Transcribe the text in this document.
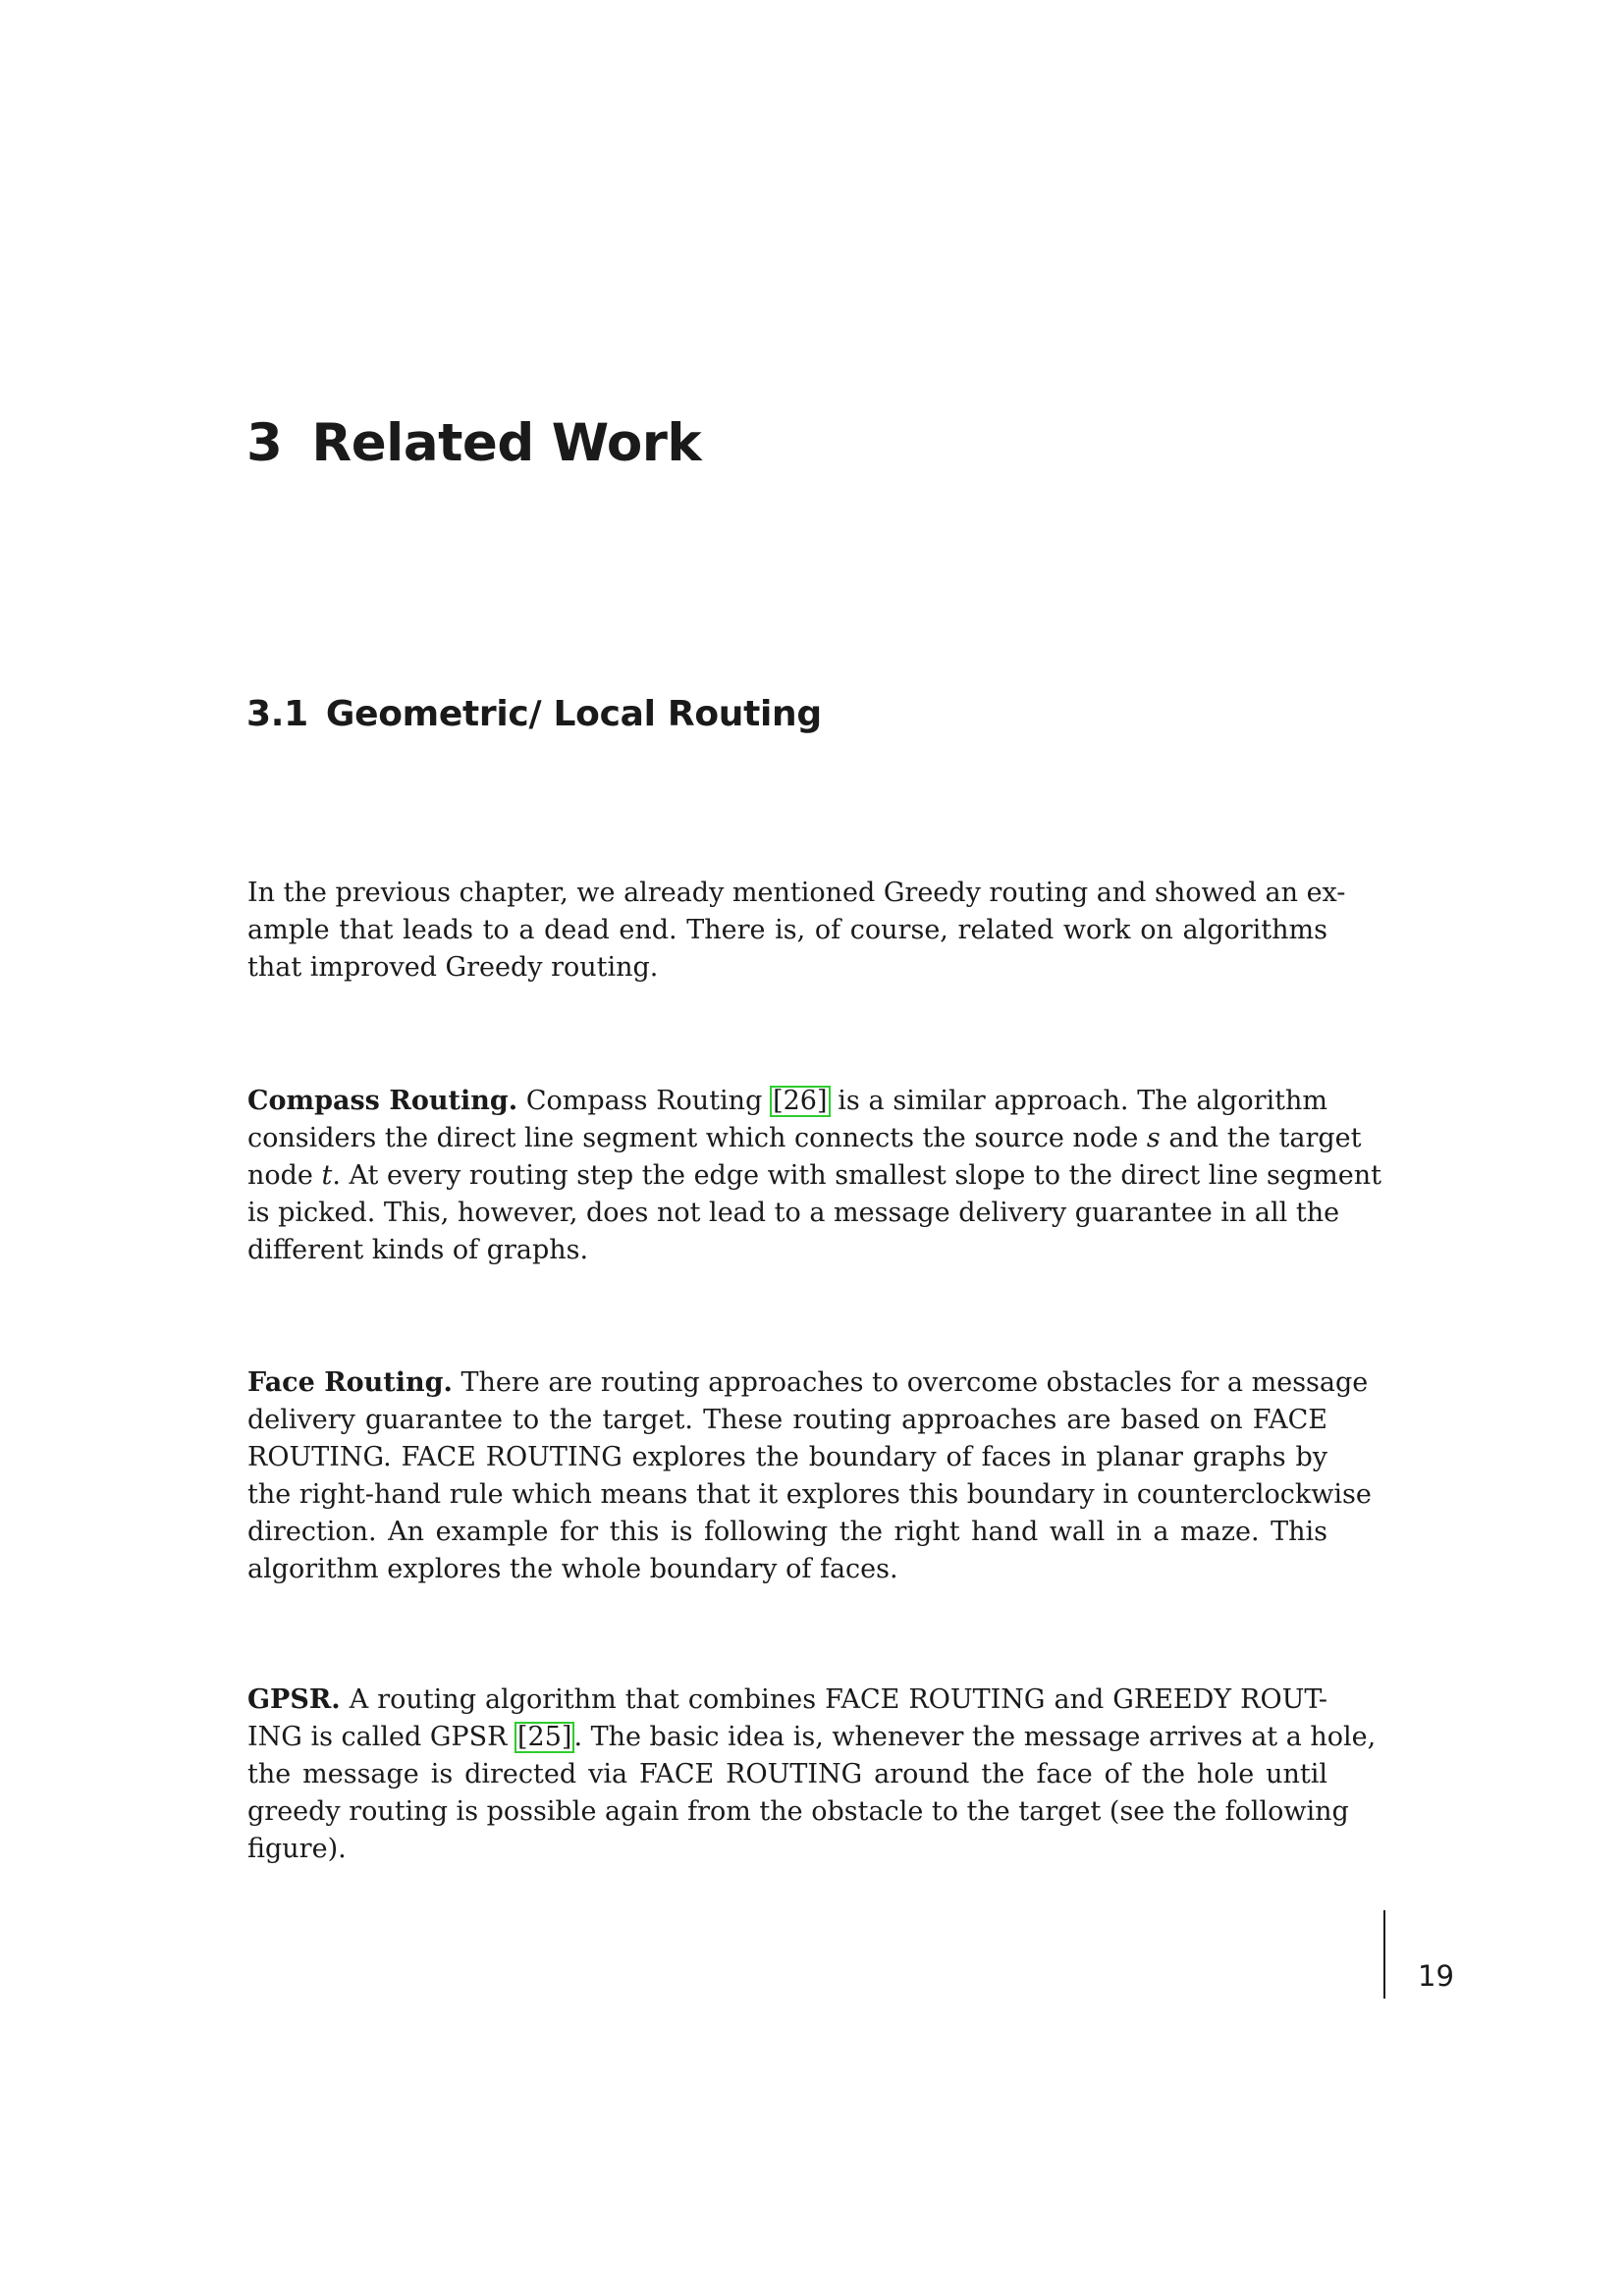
3 Related Work
3.1 Geometric/ Local Routing

In the previous chapter, we already mentioned Greedy routing and showed an ex-
ample that leads to a dead end. There is, of course, related work on algorithms
that improved Greedy routing.

Compass Routing. Compass Routing [26] is a similar approach. The algorithm
considers the direct line segment which connects the source node s and the target
node t. At every routing step the edge with smallest slope to the direct line segment
is picked. This, however, does not lead to a message delivery guarantee in all the
different kinds of graphs.

Face Routing. There are routing approaches to overcome obstacles for a message
delivery guarantee to the target. These routing approaches are based on FACE
ROUTING. FACE ROUTING explores the boundary of faces in planar graphs by
the right-hand rule which means that it explores this boundary in counterclockwise
direction. An example for this is following the right hand wall in a maze. This
algorithm explores the whole boundary of faces.

GPSR. A routing algorithm that combines FACE ROUTING and GREEDY ROUT-
ING is called GPSR [25]. The basic idea is, whenever the message arrives at a hole,
the message is directed via FACE ROUTING around the face of the hole until
greedy routing is possible again from the obstacle to the target (see the following
figure).

19
